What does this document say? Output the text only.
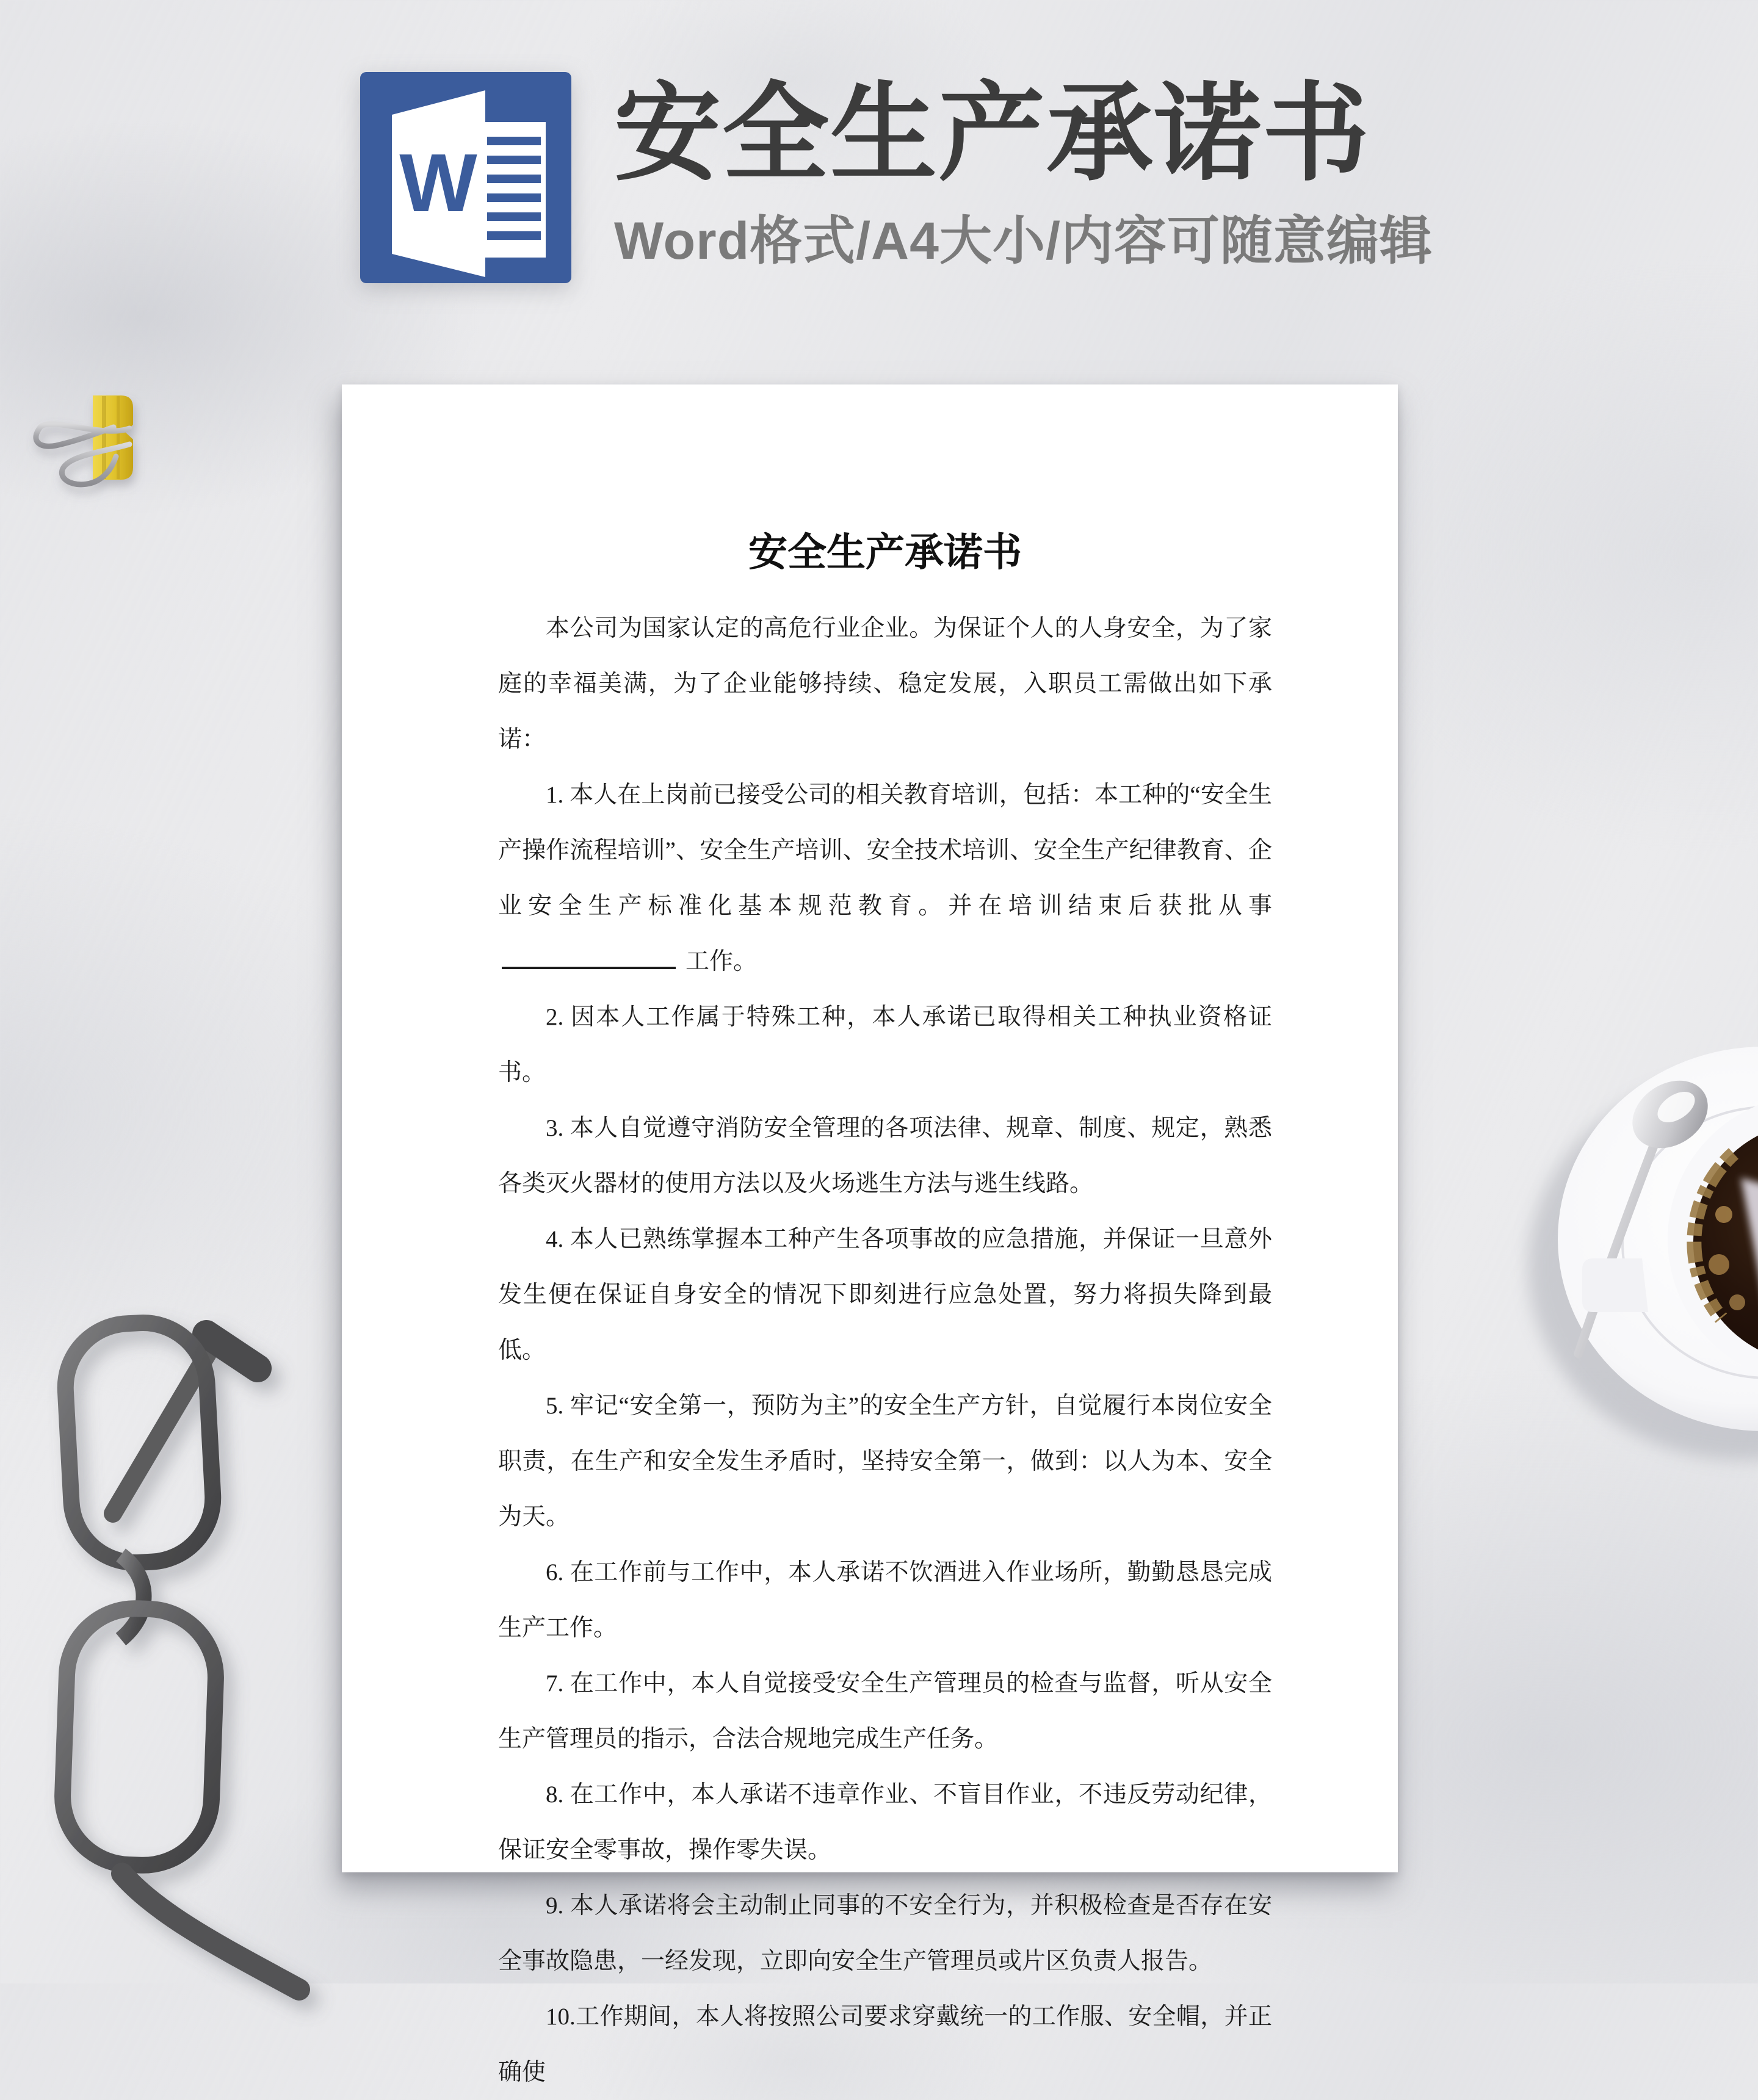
W 安全生产承诺书
Word格式/A4大小/内容可随意编辑
安全生产承诺书

本公司为国家认定的高危行业企业。为保证个人的人身安全，为了家庭的幸福美满，为了企业能够持续、稳定发展，入职员工需做出如下承诺：

1. 本人在上岗前已接受公司的相关教育培训，包括：本工种的“安全生产操作流程培训”、安全生产培训、安全技术培训、安全生产纪律教育、企业安全生产标准化基本规范教育。并在培训结束后获批从事工作。

2. 因本人工作属于特殊工种，本人承诺已取得相关工种执业资格证书。

3. 本人自觉遵守消防安全管理的各项法律、规章、制度、规定，熟悉各类灭火器材的使用方法以及火场逃生方法与逃生线路。

4. 本人已熟练掌握本工种产生各项事故的应急措施，并保证一旦意外发生便在保证自身安全的情况下即刻进行应急处置，努力将损失降到最低。

5. 牢记“安全第一，预防为主”的安全生产方针，自觉履行本岗位安全职责，在生产和安全发生矛盾时，坚持安全第一，做到：以人为本、安全为天。

6. 在工作前与工作中，本人承诺不饮酒进入作业场所，勤勤恳恳完成生产工作。

7. 在工作中，本人自觉接受安全生产管理员的检查与监督，听从安全生产管理员的指示，合法合规地完成生产任务。

8. 在工作中，本人承诺不违章作业、不盲目作业，不违反劳动纪律，保证安全零事故，操作零失误。

9. 本人承诺将会主动制止同事的不安全行为，并积极检查是否存在安全事故隐患，一经发现，立即向安全生产管理员或片区负责人报告。

10.工作期间，本人将按照公司要求穿戴统一的工作服、安全帽，并正确使
